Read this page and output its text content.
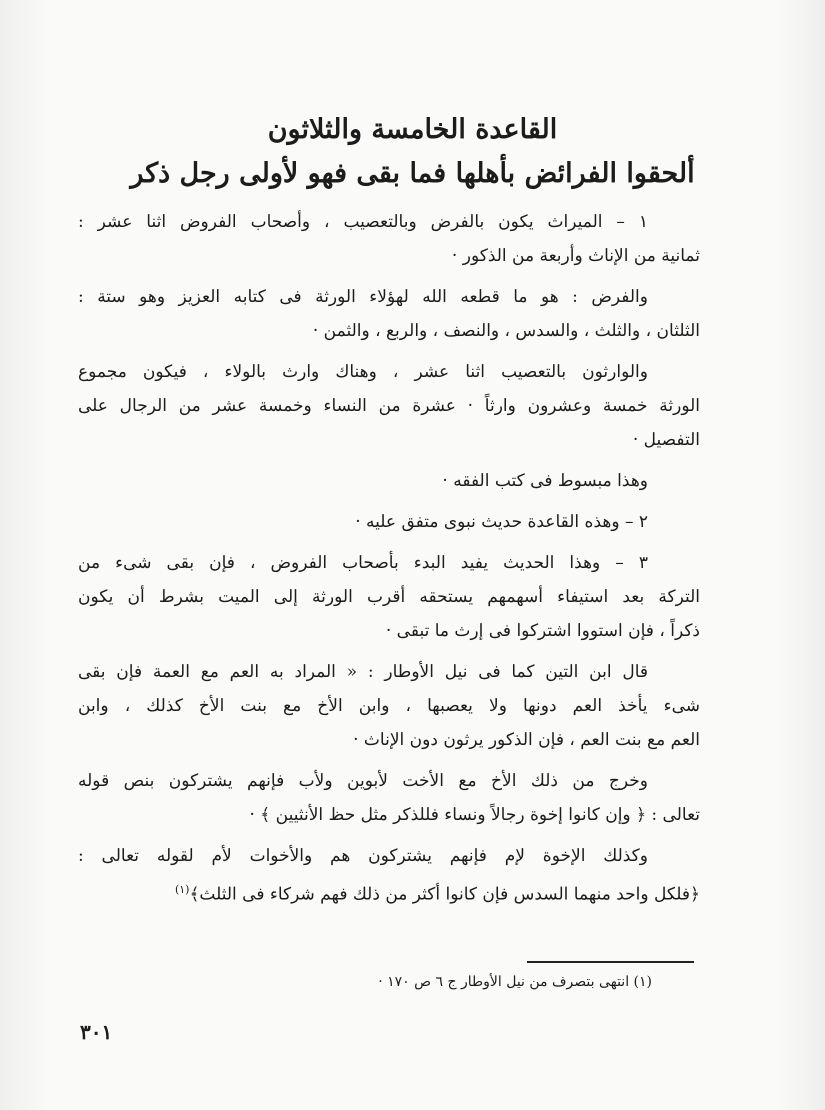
القاعدة الخامسة والثلاثون
ألحقوا الفرائض بأهلها فما بقى فهو لأولى رجل ذكر
١ – الميراث يكون بالفرض وبالتعصيب ، وأصحاب الفروض اثنا عشر :
ثمانية من الإناث وأربعة من الذكور ·
والفرض : هو ما قطعه الله لهؤلاء الورثة فى كتابه العزيز وهو ستة :
الثلثان ، والثلث ، والسدس ، والنصف ، والربع ، والثمن ·
والوارثون بالتعصيب اثنا عشر ، وهناك وارث بالولاء ، فيكون مجموع
الورثة خمسة وعشرون وارثاً · عشرة من النساء وخمسة عشر من الرجال على
التفصيل ·
وهذا مبسوط فى كتب الفقه ·
٢ – وهذه القاعدة حديث نبوى متفق عليه ·
٣ – وهذا الحديث يفيد البدء بأصحاب الفروض ، فإن بقى شىء من
التركة بعد استيفاء أسهمهم يستحقه أقرب الورثة إلى الميت بشرط أن يكون
ذكراً ، فإن استووا اشتركوا فى إرث ما تبقى ·
قال ابن التين كما فى نيل الأوطار : « المراد به العم مع العمة فإن بقى
شىء يأخذ العم دونها ولا يعصبها ، وابن الأخ مع بنت الأخ كذلك ، وابن
العم مع بنت العم ، فإن الذكور يرثون دون الإناث ·
وخرج من ذلك الأخ مع الأخت لأبوين ولأب فإنهم يشتركون بنص قوله
تعالى : ﴿ وإن كانوا إخوة رجالاً ونساء فللذكر مثل حظ الأنثيين ﴾ ·
وكذلك الإخوة لإم فإنهم يشتركون هم والأخوات لأم لقوله تعالى :
﴿فلكل واحد منهما السدس فإن كانوا أكثر من ذلك فهم شركاء فى الثلث﴾$^{(١)}$
(١) انتهى بتصرف من نيل الأوطار ج ٦ ص ١٧٠ ·
٣٠١
